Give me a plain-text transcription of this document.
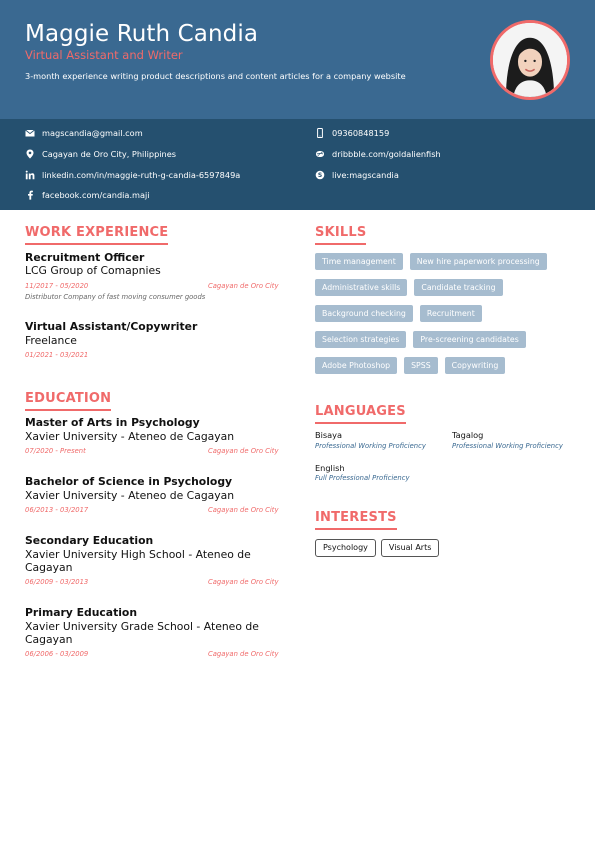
Maggie Ruth Candia
Virtual Assistant and Writer
3-month experience writing product descriptions and content articles for a company website
magscandia@gmail.com
Cagayan de Oro City, Philippines
linkedin.com/in/maggie-ruth-g-candia-6597849a
facebook.com/candia.maji
09360848159
dribbble.com/goldalienfish
S live:magscandia
WORK EXPERIENCE
Recruitment Officer
LCG Group of Comapnies
11/2017 - 05/2020	Cagayan de Oro City
Distributor Company of fast moving consumer goods
Virtual Assistant/Copywriter
Freelance
01/2021 - 03/2021
EDUCATION
Master of Arts in Psychology
Xavier University - Ateneo de Cagayan
07/2020 - Present	Cagayan de Oro City
Bachelor of Science in Psychology
Xavier University - Ateneo de Cagayan
06/2013 - 03/2017	Cagayan de Oro City
Secondary Education
Xavier University High School - Ateneo de Cagayan
06/2009 - 03/2013	Cagayan de Oro City
Primary Education
Xavier University Grade School - Ateneo de Cagayan
06/2006 - 03/2009	Cagayan de Oro City
SKILLS
Time management	New hire paperwork processing
Administrative skills	Candidate tracking
Background checking	Recruitment
Selection strategies	Pre-screening candidates
Adobe Photoshop	SPSS	Copywriting
LANGUAGES
Bisaya
Professional Working Proficiency
Tagalog
Professional Working Proficiency
English
Full Professional Proficiency
INTERESTS
Psychology	Visual Arts
